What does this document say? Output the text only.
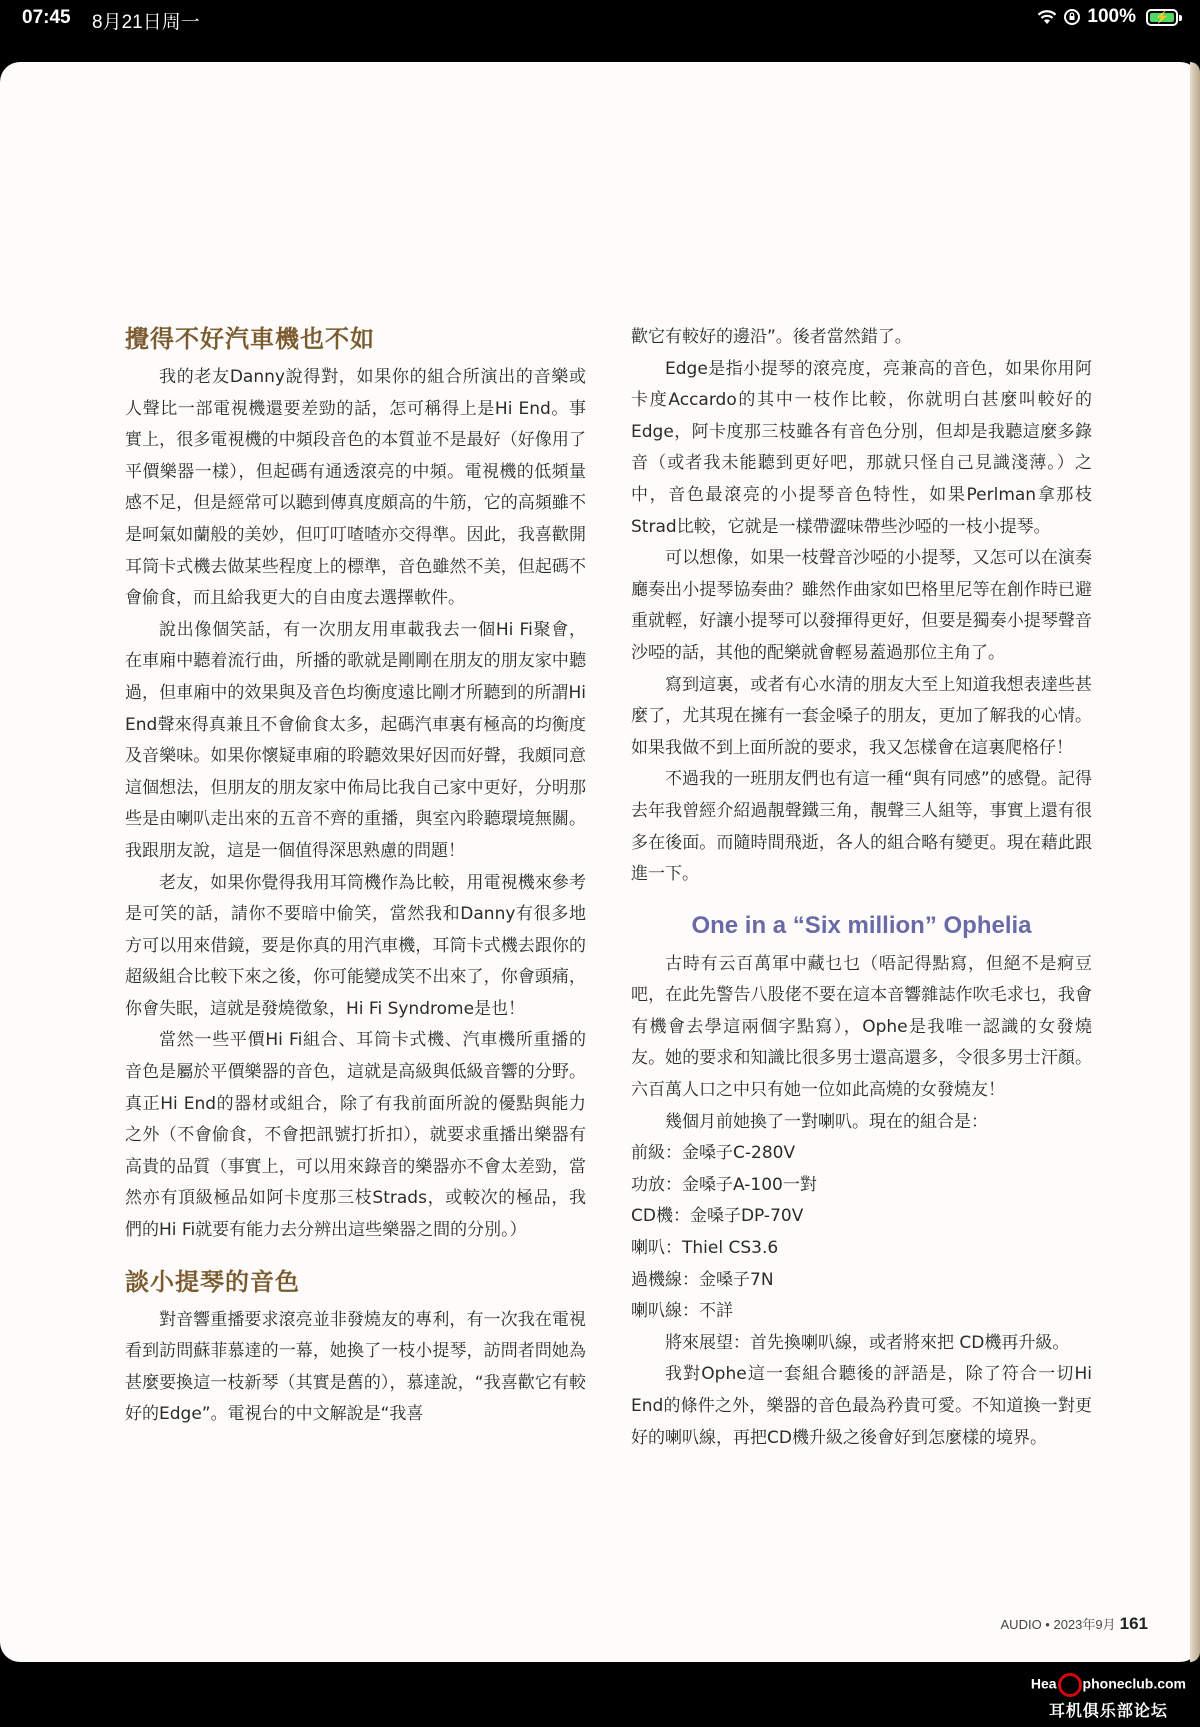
07:45 8月21日周一	100% ⚡
攪得不好汽車機也不如

我的老友Danny說得對，如果你的組合所演出的音樂或人聲比一部電視機還要差勁的話，怎可稱得上是Hi End。事實上，很多電視機的中頻段音色的本質並不是最好（好像用了平價樂器一樣），但起碼有通透滾亮的中頻。電視機的低頻量感不足，但是經常可以聽到傳真度頗高的牛筋，它的高頻雖不是呵氣如蘭般的美妙，但叮叮喳喳亦交得準。因此，我喜歡開耳筒卡式機去做某些程度上的標準，音色雖然不美，但起碼不會偷食，而且給我更大的自由度去選擇軟件。

說出像個笑話，有一次朋友用車載我去一個Hi Fi聚會，在車廂中聽着流行曲，所播的歌就是剛剛在朋友的朋友家中聽過，但車廂中的效果與及音色均衡度遠比剛才所聽到的所謂Hi End聲來得真兼且不會偷食太多，起碼汽車裏有極高的均衡度及音樂味。如果你懷疑車廂的聆聽效果好因而好聲，我頗同意這個想法，但朋友的朋友家中佈局比我自己家中更好，分明那些是由喇叭走出來的五音不齊的重播，與室內聆聽環境無關。我跟朋友說，這是一個值得深思熟慮的問題！

老友，如果你覺得我用耳筒機作為比較，用電視機來參考是可笑的話，請你不要暗中偷笑，當然我和Danny有很多地方可以用來借鏡，要是你真的用汽車機，耳筒卡式機去跟你的超級組合比較下來之後，你可能變成笑不出來了，你會頭痛，你會失眠，這就是發燒徵象，Hi Fi Syndrome是也！

當然一些平價Hi Fi組合、耳筒卡式機、汽車機所重播的音色是屬於平價樂器的音色，這就是高級與低級音響的分野。真正Hi End的器材或組合，除了有我前面所說的優點與能力之外（不會偷食，不會把訊號打折扣），就要求重播出樂器有高貴的品質（事實上，可以用來錄音的樂器亦不會太差勁，當然亦有頂級極品如阿卡度那三枝Strads，或較次的極品，我們的Hi Fi就要有能力去分辨出這些樂器之間的分別。）

談小提琴的音色

對音響重播要求滾亮並非發燒友的專利，有一次我在電視看到訪問蘇菲慕達的一幕，她換了一枝小提琴，訪問者問她為甚麼要換這一枝新琴（其實是舊的），慕達說，“我喜歡它有較好的Edge”。電視台的中文解說是“我喜

歡它有較好的邊沿”。後者當然錯了。

Edge是指小提琴的滾亮度，亮兼高的音色，如果你用阿卡度Accardo的其中一枝作比較，你就明白甚麼叫較好的Edge，阿卡度那三枝雖各有音色分別，但却是我聽這麼多錄音（或者我未能聽到更好吧，那就只怪自己見識淺薄。）之中，音色最滾亮的小提琴音色特性，如果Perlman拿那枝Strad比較，它就是一樣帶澀味帶些沙啞的一枝小提琴。

可以想像，如果一枝聲音沙啞的小提琴，又怎可以在演奏廳奏出小提琴協奏曲？雖然作曲家如巴格里尼等在創作時已避重就輕，好讓小提琴可以發揮得更好，但要是獨奏小提琴聲音沙啞的話，其他的配樂就會輕易蓋過那位主角了。

寫到這裏，或者有心水清的朋友大至上知道我想表達些甚麼了，尤其現在擁有一套金嗓子的朋友，更加了解我的心情。如果我做不到上面所說的要求，我又怎樣會在這裏爬格仔！

不過我的一班朋友們也有這一種“與有同感”的感覺。記得去年我曾經介紹過靚聲鐵三角，靚聲三人組等，事實上還有很多在後面。而隨時間飛逝，各人的組合略有變更。現在藉此跟進一下。

One in a “Six million” Ophelia

古時有云百萬軍中藏乜乜（唔記得點寫，但絕不是痾豆吧，在此先警告八股佬不要在這本音響雜誌作吹毛求乜，我會有機會去學這兩個字點寫），Ophe是我唯一認識的女發燒友。她的要求和知識比很多男士還高還多，令很多男士汗顏。六百萬人口之中只有她一位如此高燒的女發燒友！

幾個月前她換了一對喇叭。現在的組合是：

前級：金嗓子C-280V

功放：金嗓子A-100一對

CD機：金嗓子DP-70V

喇叭：Thiel CS3.6

過機線：金嗓子7N

喇叭線：不詳

將來展望：首先換喇叭線，或者將來把 CD機再升級。

我對Ophe這一套組合聽後的評語是，除了符合一切Hi End的條件之外，樂器的音色最為矜貴可愛。不知道換一對更好的喇叭線，再把CD機升級之後會好到怎麼樣的境界。

AUDIO • 2023年9月 161
Hea phoneclub.com
耳机俱乐部论坛
